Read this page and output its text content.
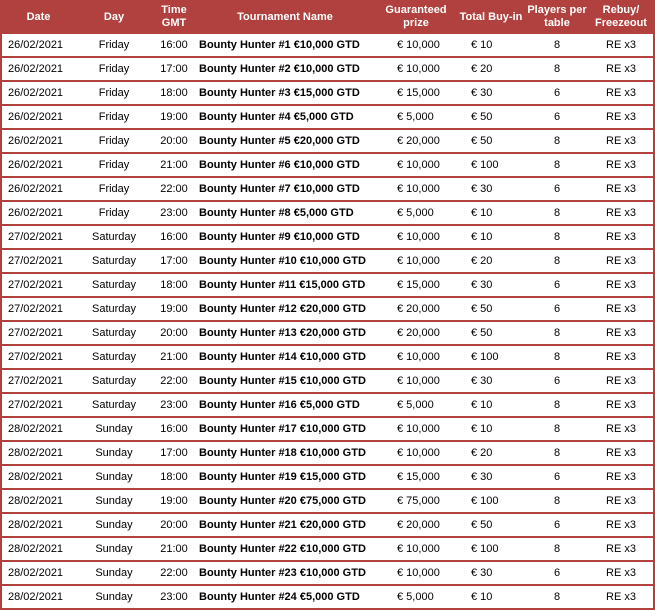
Date	Day	Time GMT	Tournament Name	Guaranteed prize	Total Buy-in	Players per table	Rebuy/ Freezeout
26/02/2021	Friday	16:00	Bounty Hunter #1 €10,000 GTD	€ 10,000	€ 10	8	RE x3
26/02/2021	Friday	17:00	Bounty Hunter #2 €10,000 GTD	€ 10,000	€ 20	8	RE x3
26/02/2021	Friday	18:00	Bounty Hunter #3 €15,000 GTD	€ 15,000	€ 30	6	RE x3
26/02/2021	Friday	19:00	Bounty Hunter #4 €5,000 GTD	€ 5,000	€ 50	6	RE x3
26/02/2021	Friday	20:00	Bounty Hunter #5 €20,000 GTD	€ 20,000	€ 50	8	RE x3
26/02/2021	Friday	21:00	Bounty Hunter #6 €10,000 GTD	€ 10,000	€ 100	8	RE x3
26/02/2021	Friday	22:00	Bounty Hunter #7 €10,000 GTD	€ 10,000	€ 30	6	RE x3
26/02/2021	Friday	23:00	Bounty Hunter #8 €5,000 GTD	€ 5,000	€ 10	8	RE x3
27/02/2021	Saturday	16:00	Bounty Hunter #9 €10,000 GTD	€ 10,000	€ 10	8	RE x3
27/02/2021	Saturday	17:00	Bounty Hunter #10 €10,000 GTD	€ 10,000	€ 20	8	RE x3
27/02/2021	Saturday	18:00	Bounty Hunter #11 €15,000 GTD	€ 15,000	€ 30	6	RE x3
27/02/2021	Saturday	19:00	Bounty Hunter #12 €20,000 GTD	€ 20,000	€ 50	6	RE x3
27/02/2021	Saturday	20:00	Bounty Hunter #13 €20,000 GTD	€ 20,000	€ 50	8	RE x3
27/02/2021	Saturday	21:00	Bounty Hunter #14 €10,000 GTD	€ 10,000	€ 100	8	RE x3
27/02/2021	Saturday	22:00	Bounty Hunter #15 €10,000 GTD	€ 10,000	€ 30	6	RE x3
27/02/2021	Saturday	23:00	Bounty Hunter #16 €5,000 GTD	€ 5,000	€ 10	8	RE x3
28/02/2021	Sunday	16:00	Bounty Hunter #17 €10,000 GTD	€ 10,000	€ 10	8	RE x3
28/02/2021	Sunday	17:00	Bounty Hunter #18 €10,000 GTD	€ 10,000	€ 20	8	RE x3
28/02/2021	Sunday	18:00	Bounty Hunter #19 €15,000 GTD	€ 15,000	€ 30	6	RE x3
28/02/2021	Sunday	19:00	Bounty Hunter #20 €75,000 GTD	€ 75,000	€ 100	8	RE x3
28/02/2021	Sunday	20:00	Bounty Hunter #21 €20,000 GTD	€ 20,000	€ 50	6	RE x3
28/02/2021	Sunday	21:00	Bounty Hunter #22 €10,000 GTD	€ 10,000	€ 100	8	RE x3
28/02/2021	Sunday	22:00	Bounty Hunter #23 €10,000 GTD	€ 10,000	€ 30	6	RE x3
28/02/2021	Sunday	23:00	Bounty Hunter #24 €5,000 GTD	€ 5,000	€ 10	8	RE x3
